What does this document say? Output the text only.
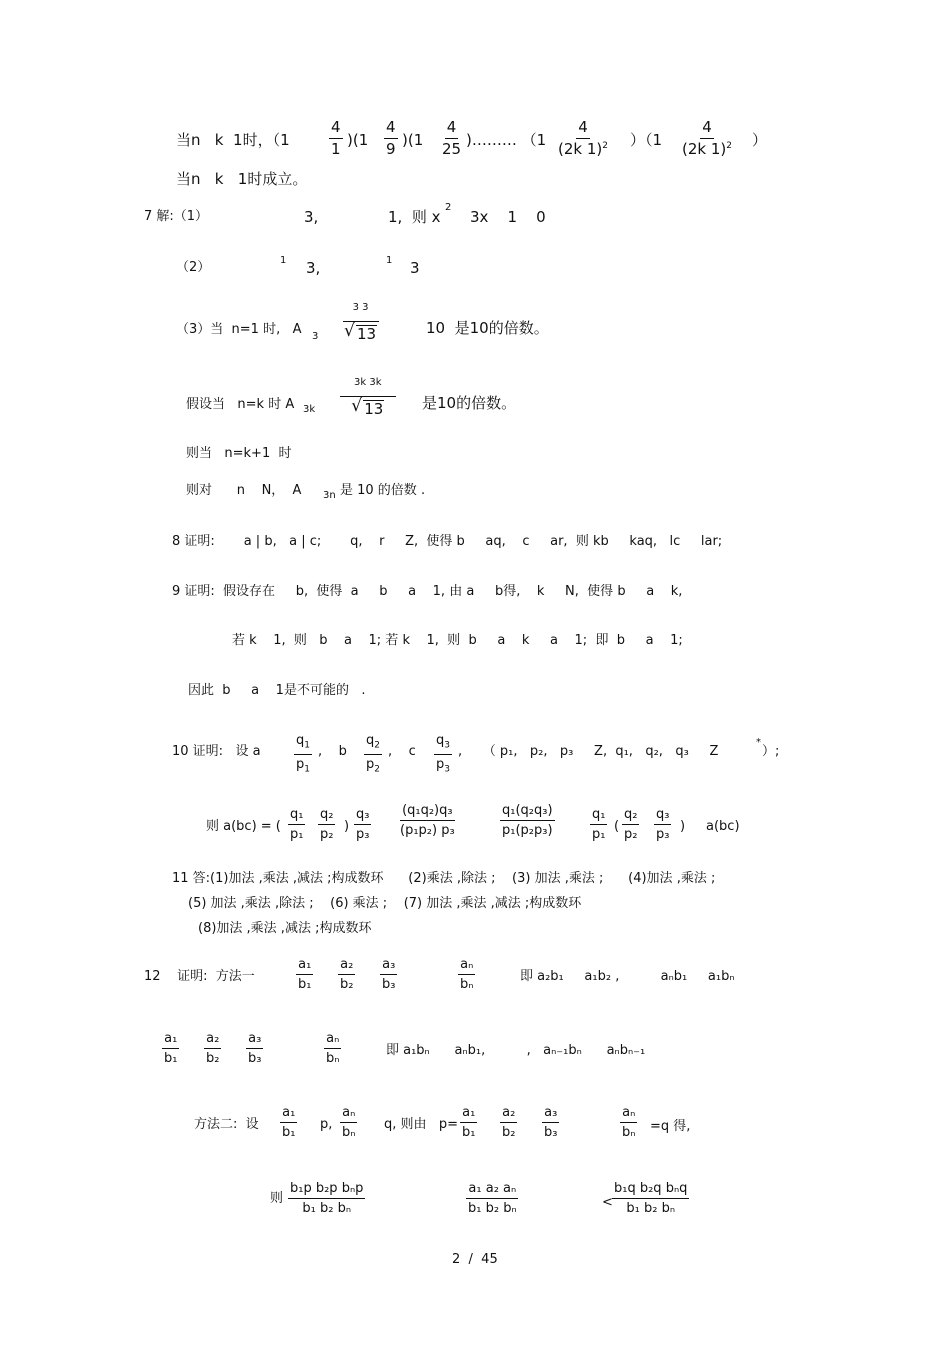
当n   k  1时，（1	$\frac{4}{1} )(1 \frac{4}{9} )(1 \frac{4}{25}$ )……… $(1 \frac{4}{(2k 1)^2} )(1 \frac{4}{(2k 1)^2}$ ）
当n   k   1时成立。
7 解:（1）	3,	1,  则 x
2
3x    1    0
（2）	1 3,	1 3
（3）当  n=1 时,   A 3
3 3
√ 13	10  是10的倍数。
假设当   n=k 时 A 3k
3k 3k
√ 13	是10的倍数。
则当   n=k+1  时
则对      n    N，  A 3n 是 10 的倍数 .
8 证明:       a | b,   a | c;       q,    r     Z,  使得 b     aq,    c     ar,  则 kb     kaq,   lc     lar;
9 证明:  假设存在     b,  使得  a     b     a    1, 由 a     b得,    k     N,  使得 b     a    k,
若 k    1,  则   b    a    1; 若 k    1,  则  b     a    k     a    1;  即  b     a    1;
因此  b     a    1是不可能的   .
10 证明:   设 a	$\frac{q_1}{p_1}$ ,    b $\frac{q_2}{p_2}$ ,    c $\frac{q_3}{p_3}$ ,     （ p₁,   p₂,   p₃     Z,  q₁,   q₂,   q₃     Z
*
）;
则 a(bc) = ( $\frac{\text{q₁}}{\text{p₁}} \frac{\text{q₂}}{\text{p₂}}$ ) $\frac{\text{q₃}}{\text{p₃}} \frac{\text{(q₁q₂)q₃}}{\text{(p₁p₂) p₃}}$	$\frac{\text{q₁(q₂q₃)}}{\text{p₁(p₂p₃)}}$	$\frac{\text{q₁}}{\text{p₁}}$ ( $\frac{\text{q₂}}{\text{p₂}} \frac{\text{q₃}}{\text{p₃}}$ ) a(bc)
11 答:(1)加法 ,乘法 ,减法 ;构成数环      (2)乘法 ,除法 ;    (3) 加法 ,乘法 ;      (4)加法 ,乘法 ;
(5) 加法 ,乘法 ,除法 ;    (6) 乘法 ;    (7) 加法 ,乘法 ,减法 ;构成数环
(8)加法 ,乘法 ,减法 ;构成数环
12    证明:  方法一	$\frac{\text{a₁}}{\text{b₁}} \frac{\text{a₂}}{\text{b₂}} \frac{\text{a₃}}{\text{b₃}}$	$\frac{\text{aₙ}}{\text{bₙ}}$	即 a₂b₁     a₁b₂ ,          aₙb₁     a₁bₙ
$\frac{\text{a₁}}{\text{b₁}} \frac{\text{a₂}}{\text{b₂}} \frac{\text{a₃}}{\text{b₃}}$	$\frac{\text{aₙ}}{\text{bₙ}}$	即 a₁bₙ      aₙb₁,          ,   aₙ₋₁bₙ      aₙbₙ₋₁
方法二:  设 $\frac{\text{a₁}}{\text{b₁}} p$, $\frac{\text{aₙ}}{\text{bₙ}} q$, 则由   $p= \frac{\text{a₁}}{\text{b₁}} \frac{\text{a₂}}{\text{b₂}} \frac{\text{a₃}}{\text{b₃}}$	$\frac{\text{aₙ}}{\text{bₙ}} =q$ 得,
则
b₁p b₂p bₙp
b₁ b₂ bₙ	$\frac{\text{a₁ a₂ aₙ}}{\text{b₁ b₂ bₙ}}$	<
b₁q b₂q bₙq
b₁ b₂ bₙ
2  /  45
